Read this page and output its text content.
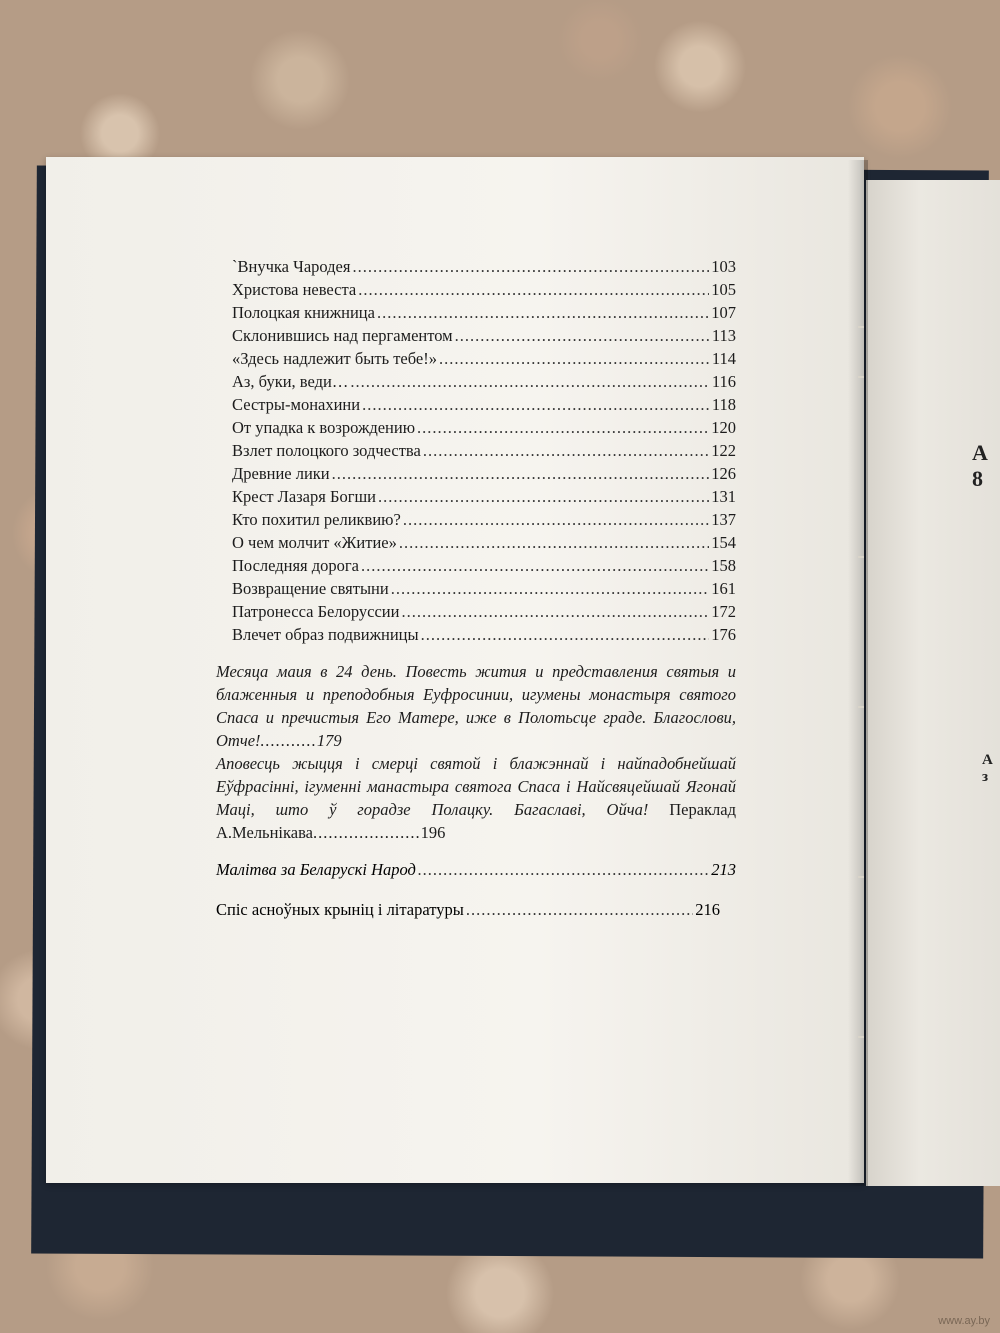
А 8
А з
`Внучка Чародея .....	103
Христова невеста .....	105
Полоцкая книжница .....	107
Склонившись над пергаментом .....	113
«Здесь надлежит быть тебе!» .....	114
Аз, буки, веди… .....	116
Сестры-монахини .....	118
От упадка к возрождению .....	120
Взлет полоцкого зодчества .....	122
Древние лики .....	126
Крест Лазаря Богши .....	131
Кто похитил реликвию? .....	137
О чем молчит «Житие» .....	154
Последняя дорога .....	158
Возвращение святыни .....	161
Патронесса Белоруссии .....	172
Влечет образ подвижницы .....	176
Месяца маия в 24 день. Повесть жития и представления святыя и блаженныя и преподобныя Еуфросинии, игумены монастыря святого Спаса и пречистыя Его Матере, иже в Полотьсце граде. Благослови, Отче!...........179
Аповесць жыцця і смерці святой і блажэннай і найпадобнейшай Еўфрасінні, ігуменні манастыра святога Спаса і Найсвяцейшай Ягонай Маці, што ў горадзе Полацку. Багаславі, Ойча! Пераклад А.Мельнікава.....................196
Малітва за Беларускі Народ .....	213
Спіс асноўных крыніц і літаратуры .....	216
www.ay.by
